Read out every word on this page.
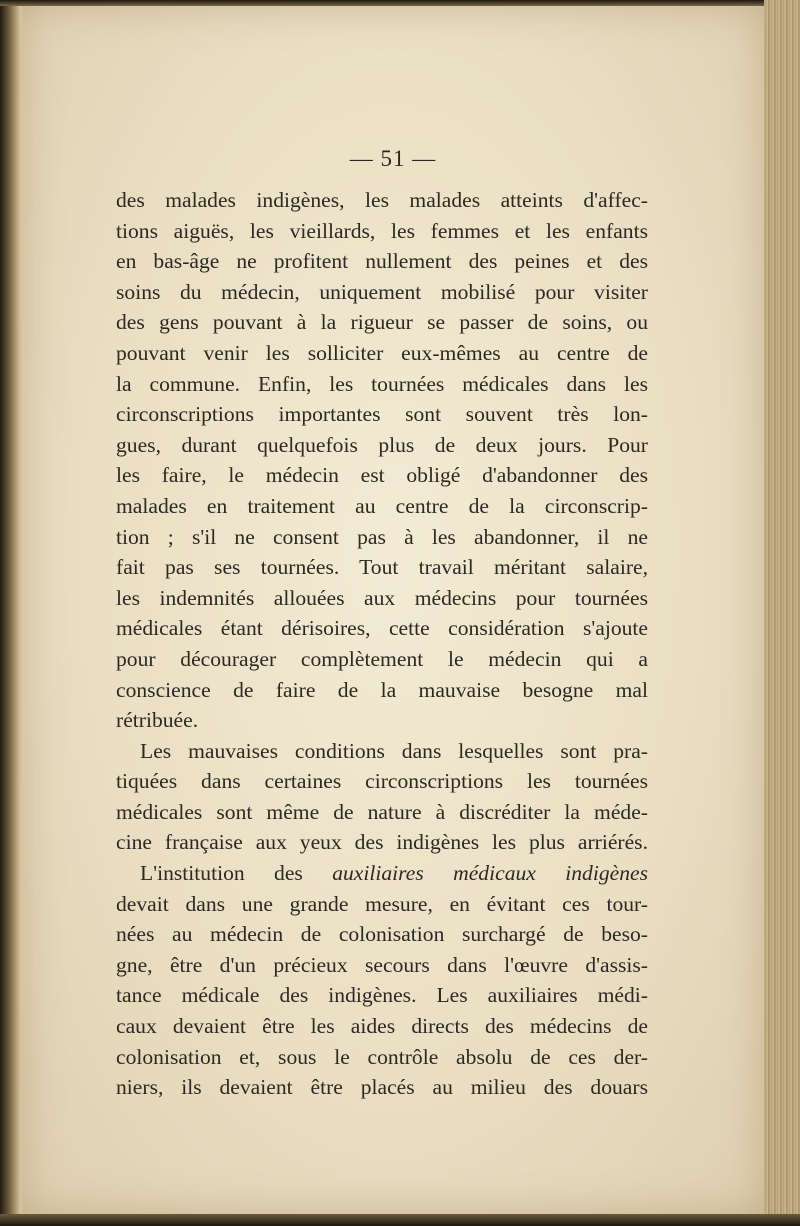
— 51 —
des malades indigènes, les malades atteints d'affec-
tions aiguës, les vieillards, les femmes et les enfants
en bas-âge ne profitent nullement des peines et des
soins du médecin, uniquement mobilisé pour visiter
des gens pouvant à la rigueur se passer de soins, ou
pouvant venir les solliciter eux-mêmes au centre de
la commune. Enfin, les tournées médicales dans les
circonscriptions importantes sont souvent très lon-
gues, durant quelquefois plus de deux jours. Pour
les faire, le médecin est obligé d'abandonner des
malades en traitement au centre de la circonscrip-
tion ; s'il ne consent pas à les abandonner, il ne
fait pas ses tournées. Tout travail méritant salaire,
les indemnités allouées aux médecins pour tournées
médicales étant dérisoires, cette considération s'ajoute
pour décourager complètement le médecin qui a
conscience de faire de la mauvaise besogne mal
rétribuée.
Les mauvaises conditions dans lesquelles sont pra-
tiquées dans certaines circonscriptions les tournées
médicales sont même de nature à discréditer la méde-
cine française aux yeux des indigènes les plus arriérés.
L'institution des auxiliaires médicaux indigènes
devait dans une grande mesure, en évitant ces tour-
nées au médecin de colonisation surchargé de beso-
gne, être d'un précieux secours dans l'œuvre d'assis-
tance médicale des indigènes. Les auxiliaires médi-
caux devaient être les aides directs des médecins de
colonisation et, sous le contrôle absolu de ces der-
niers, ils devaient être placés au milieu des douars
